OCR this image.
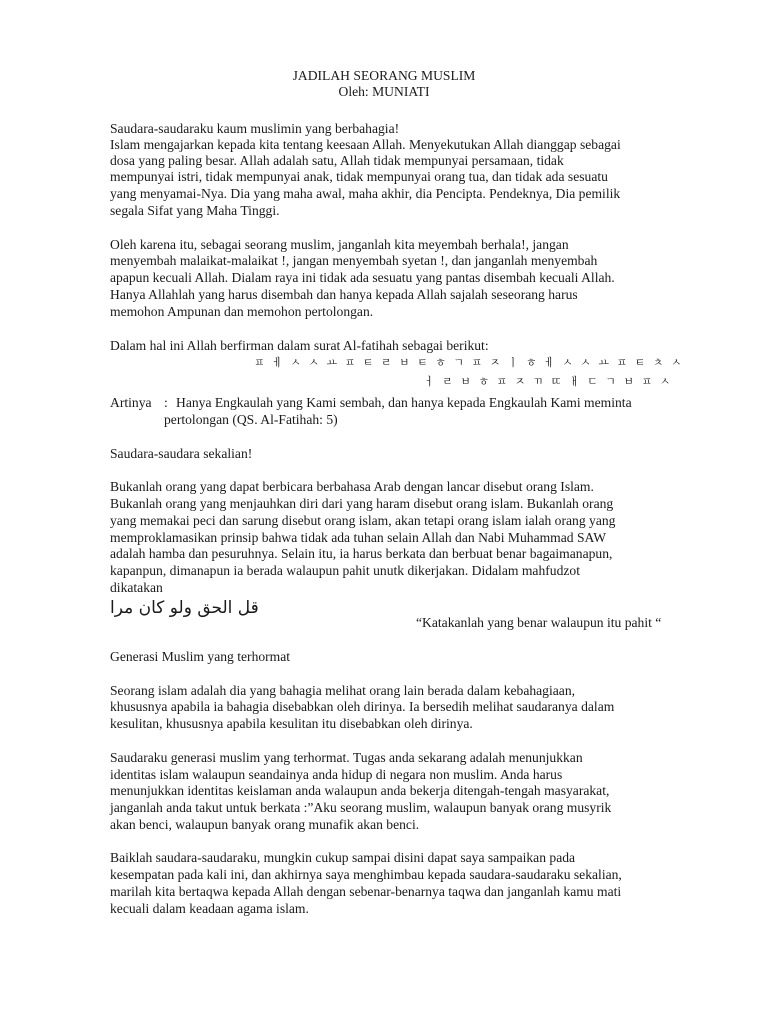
JADILAH SEORANG MUSLIM
Oleh: MUNIATI
Saudara-saudaraku kaum muslimin yang berbahagia!
Islam mengajarkan kepada kita tentang keesaan Allah. Menyekutukan Allah dianggap sebagai
dosa yang paling besar. Allah adalah satu, Allah tidak mempunyai persamaan, tidak
mempunyai istri, tidak mempunyai anak, tidak mempunyai orang tua, dan tidak ada sesuatu
yang menyamai-Nya. Dia yang maha awal, maha akhir, dia Pencipta. Pendeknya, Dia pemilik
segala Sifat yang Maha Tinggi.
Oleh karena itu, sebagai seorang muslim, janganlah kita meyembah berhala!, jangan
menyembah malaikat-malaikat !, jangan menyembah syetan !, dan janganlah menyembah
apapun kecuali Allah. Dialam raya ini tidak ada sesuatu yang pantas disembah kecuali Allah.
Hanya Allahlah yang harus disembah dan hanya kepada Allah sajalah seseorang harus
memohon Ampunan dan memohon pertolongan.
Dalam hal ini Allah berfirman dalam surat Al-fatihah sebagai berikut:
ㅍ ㅔ ㅅ ㅅ ㅛ ㅍ ㅌ ㄹ ㅂ ㅌ ㅎ ㄱ ㅍ ㅈ ㅣ ㅎ ㅔ ㅅ ㅅ ㅛ ㅍ ㅌ ㅊ ㅅ
ㅓ ㄹ ㅂ ㅎ ㅍ ㅈ ㄲ ㄸ ㅐ ㄷ ㄱ ㅂ ㅍ ㅅ
Artinya : Hanya Engkaulah yang Kami sembah, dan hanya kepada Engkaulah Kami meminta
pertolongan (QS. Al-Fatihah: 5)
Saudara-saudara sekalian!
Bukanlah orang yang dapat berbicara berbahasa Arab dengan lancar disebut orang Islam.
Bukanlah orang yang menjauhkan diri dari yang haram disebut orang islam. Bukanlah orang
yang memakai peci dan sarung disebut orang islam, akan tetapi orang islam ialah orang yang
memproklamasikan prinsip bahwa tidak ada tuhan selain Allah dan Nabi Muhammad SAW
adalah hamba dan pesuruhnya. Selain itu, ia harus berkata dan berbuat benar bagaimanapun,
kapanpun, dimanapun ia berada walaupun pahit unutk dikerjakan. Didalam mahfudzot
dikatakan
قل الحق ولو كان مرا
“Katakanlah yang benar walaupun itu pahit “
Generasi Muslim yang terhormat
Seorang islam adalah dia yang bahagia melihat orang lain berada dalam kebahagiaan,
khususnya apabila ia bahagia disebabkan oleh dirinya. Ia bersedih melihat saudaranya dalam
kesulitan, khususnya apabila kesulitan itu disebabkan oleh dirinya.
Saudaraku generasi muslim yang terhormat. Tugas anda sekarang adalah menunjukkan
identitas islam walaupun seandainya anda hidup di negara non muslim. Anda harus
menunjukkan identitas keislaman anda walaupun anda bekerja ditengah-tengah masyarakat,
janganlah anda takut untuk berkata :”Aku seorang muslim, walaupun banyak orang musyrik
akan benci, walaupun banyak orang munafik akan benci.
Baiklah saudara-saudaraku, mungkin cukup sampai disini dapat saya sampaikan pada
kesempatan pada kali ini, dan akhirnya saya menghimbau kepada saudara-saudaraku sekalian,
marilah kita bertaqwa kepada Allah dengan sebenar-benarnya taqwa dan janganlah kamu mati
kecuali dalam keadaan agama islam.
